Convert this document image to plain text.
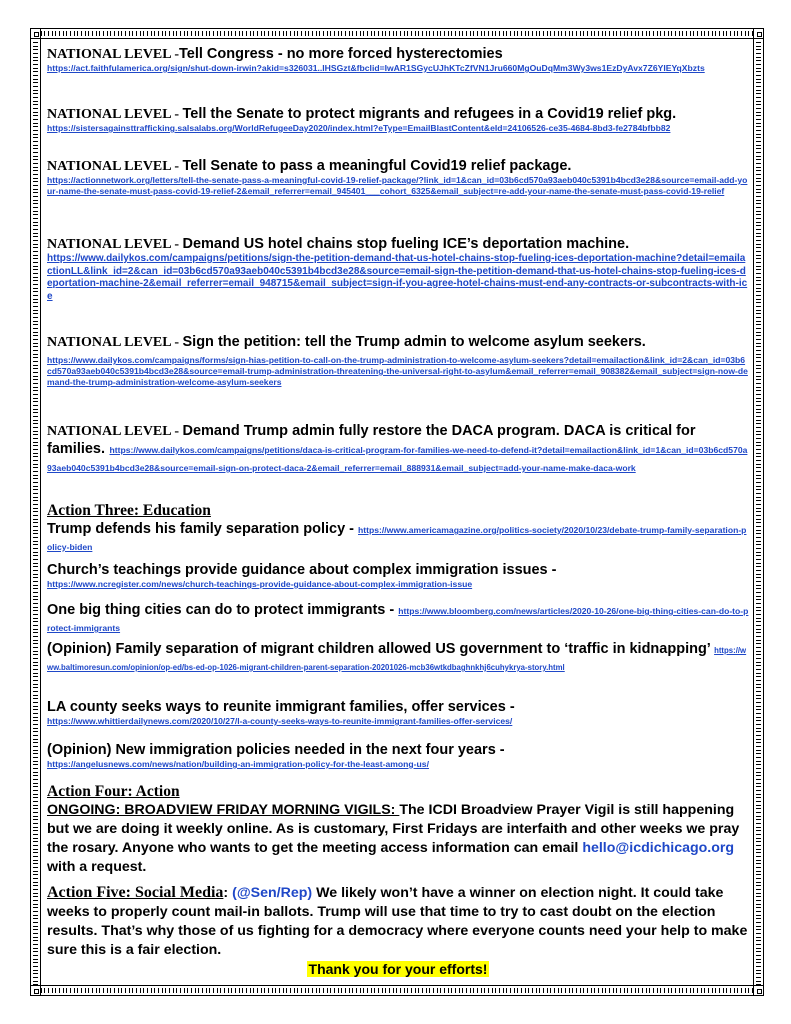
NATIONAL LEVEL -Tell Congress - no more forced hysterectomies
https://act.faithfulamerica.org/sign/shut-down-irwin?akid=s326031..IHSGzt&fbclid=IwAR1SGycUJhKTcZfVN1Jru660MgOuDqMm3Wy3ws1EzDyAvx7Z6YIEYqXbzts
NATIONAL LEVEL - Tell the Senate to protect migrants and refugees in a Covid19 relief pkg.
https://sistersagainsttrafficking.salsalabs.org/WorldRefugeeDay2020/index.html?eType=EmailBlastContent&eId=24106526-ce35-4684-8bd3-fe2784bfbb82
NATIONAL LEVEL - Tell Senate to pass a meaningful Covid19 relief package.
https://actionnetwork.org/letters/tell-the-senate-pass-a-meaningful-covid-19-relief-package/?link_id=1&can_id=03b6cd570a93aeb040c5391b4bcd3e28&source=email-add-your-name-the-senate-must-pass-covid-19-relief-2&email_referrer=email_945401___cohort_6325&email_subject=re-add-your-name-the-senate-must-pass-covid-19-relief
NATIONAL LEVEL - Demand US hotel chains stop fueling ICE’s deportation machine.
https://www.dailykos.com/campaigns/petitions/sign-the-petition-demand-that-us-hotel-chains-stop-fueling-ices-deportation-machine?detail=emailactionLL&link_id=2&can_id=03b6cd570a93aeb040c5391b4bcd3e28&source=email-sign-the-petition-demand-that-us-hotel-chains-stop-fueling-ices-deportation-machine-2&email_referrer=email_948715&email_subject=sign-if-you-agree-hotel-chains-must-end-any-contracts-or-subcontracts-with-ice
NATIONAL LEVEL - Sign the petition: tell the Trump admin to welcome asylum seekers.
https://www.dailykos.com/campaigns/forms/sign-hias-petition-to-call-on-the-trump-administration-to-welcome-asylum-seekers?detail=emailaction&link_id=2&can_id=03b6cd570a93aeb040c5391b4bcd3e28&source=email-trump-administration-threatening-the-universal-right-to-asylum&email_referrer=email_908382&email_subject=sign-now-demand-the-trump-administration-welcome-asylum-seekers
NATIONAL LEVEL - Demand Trump admin fully restore the DACA program. DACA is critical for families. https://www.dailykos.com/campaigns/petitions/daca-is-critical-program-for-families-we-need-to-defend-it?detail=emailaction&link_id=1&can_id=03b6cd570a93aeb040c5391b4bcd3e28&source=email-sign-on-protect-daca-2&email_referrer=email_888931&email_subject=add-your-name-make-daca-work
Action Three: Education
Trump defends his family separation policy - https://www.americamagazine.org/politics-society/2020/10/23/debate-trump-family-separation-policy-biden
Church’s teachings provide guidance about complex immigration issues -
https://www.ncregister.com/news/church-teachings-provide-guidance-about-complex-immigration-issue
One big thing cities can do to protect immigrants - https://www.bloomberg.com/news/articles/2020-10-26/one-big-thing-cities-can-do-to-protect-immigrants
(Opinion) Family separation of migrant children allowed US government to ‘traffic in kidnapping’ https://www.baltimoresun.com/opinion/op-ed/bs-ed-op-1026-migrant-children-parent-separation-20201026-mcb36wtkdbaghnkhj6cuhykrya-story.html
LA county seeks ways to reunite immigrant families, offer services -
https://www.whittierdailynews.com/2020/10/27/l-a-county-seeks-ways-to-reunite-immigrant-families-offer-services/
(Opinion) New immigration policies needed in the next four years -
https://angelusnews.com/news/nation/building-an-immigration-policy-for-the-least-among-us/
Action Four: Action
ONGOING: BROADVIEW FRIDAY MORNING VIGILS: The ICDI Broadview Prayer Vigil is still happening but we are doing it weekly online. As is customary, First Fridays are interfaith and other weeks we pray the rosary. Anyone who wants to get the meeting access information can email hello@icdichicago.org with a request.
Action Five: Social Media: (@Sen/Rep) We likely won’t have a winner on election night. It could take weeks to properly count mail-in ballots. Trump will use that time to try to cast doubt on the election results. That’s why those of us fighting for a democracy where everyone counts need your help to make sure this is a fair election.
Thank you for your efforts!
